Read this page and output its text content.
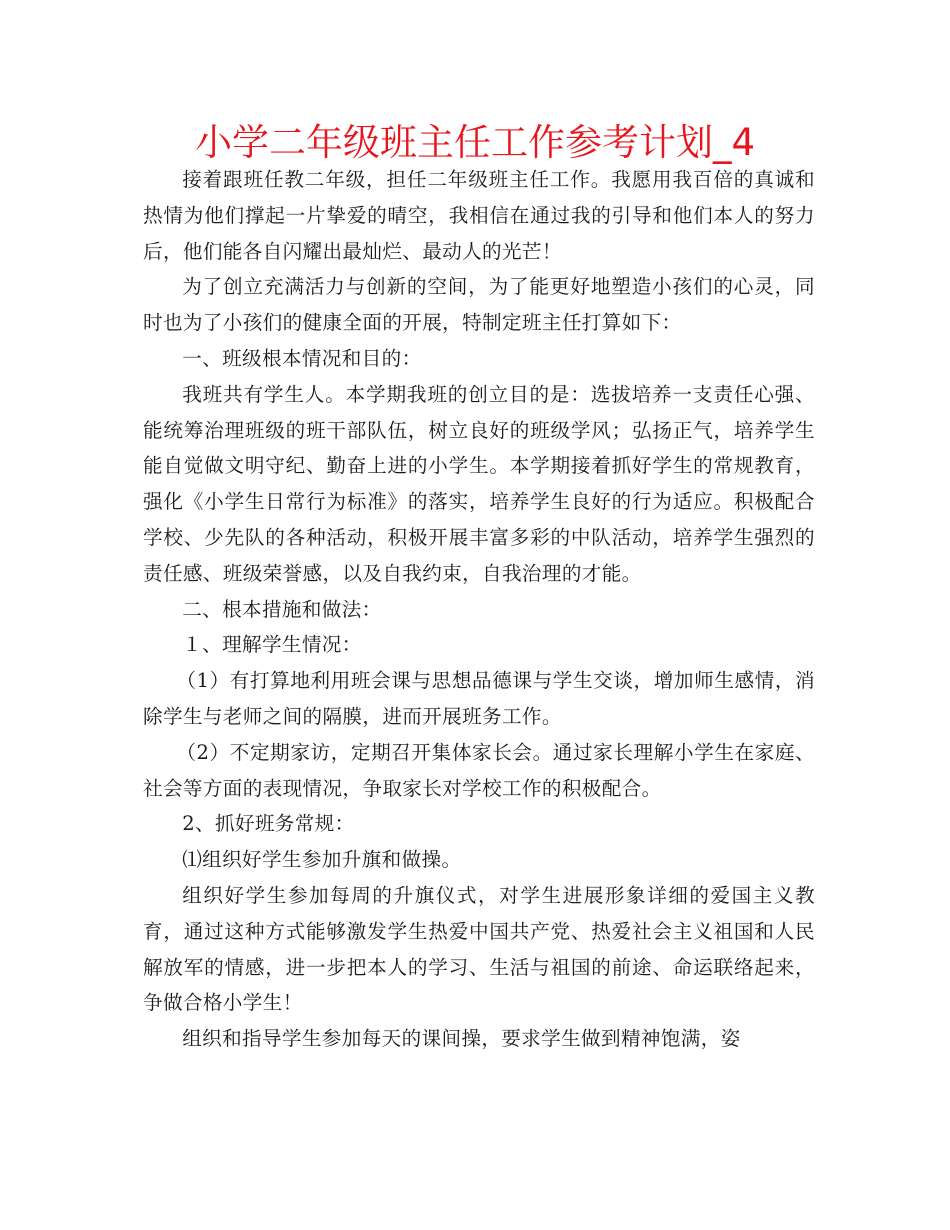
小学二年级班主任工作参考计划_4

接着跟班任教二年级，担任二年级班主任工作。我愿用我百倍的真诚和热情为他们撑起一片挚爱的晴空，我相信在通过我的引导和他们本人的努力后，他们能各自闪耀出最灿烂、最动人的光芒！

为了创立充满活力与创新的空间，为了能更好地塑造小孩们的心灵，同时也为了小孩们的健康全面的开展，特制定班主任打算如下：

一、班级根本情况和目的：

我班共有学生人。本学期我班的创立目的是：选拔培养一支责任心强、能统筹治理班级的班干部队伍，树立良好的班级学风；弘扬正气，培养学生能自觉做文明守纪、勤奋上进的小学生。本学期接着抓好学生的常规教育，强化《小学生日常行为标准》的落实，培养学生良好的行为适应。积极配合学校、少先队的各种活动，积极开展丰富多彩的中队活动，培养学生强烈的责任感、班级荣誉感，以及自我约束，自我治理的才能。

二、根本措施和做法：

１、理解学生情况：

（1）有打算地利用班会课与思想品德课与学生交谈，增加师生感情，消除学生与老师之间的隔膜，进而开展班务工作。

（2）不定期家访，定期召开集体家长会。通过家长理解小学生在家庭、社会等方面的表现情况，争取家长对学校工作的积极配合。

2、抓好班务常规：

⑴组织好学生参加升旗和做操。

组织好学生参加每周的升旗仪式，对学生进展形象详细的爱国主义教育，通过这种方式能够激发学生热爱中国共产党、热爱社会主义祖国和人民解放军的情感，进一步把本人的学习、生活与祖国的前途、命运联络起来，争做合格小学生！

组织和指导学生参加每天的课间操，要求学生做到精神饱满，姿
